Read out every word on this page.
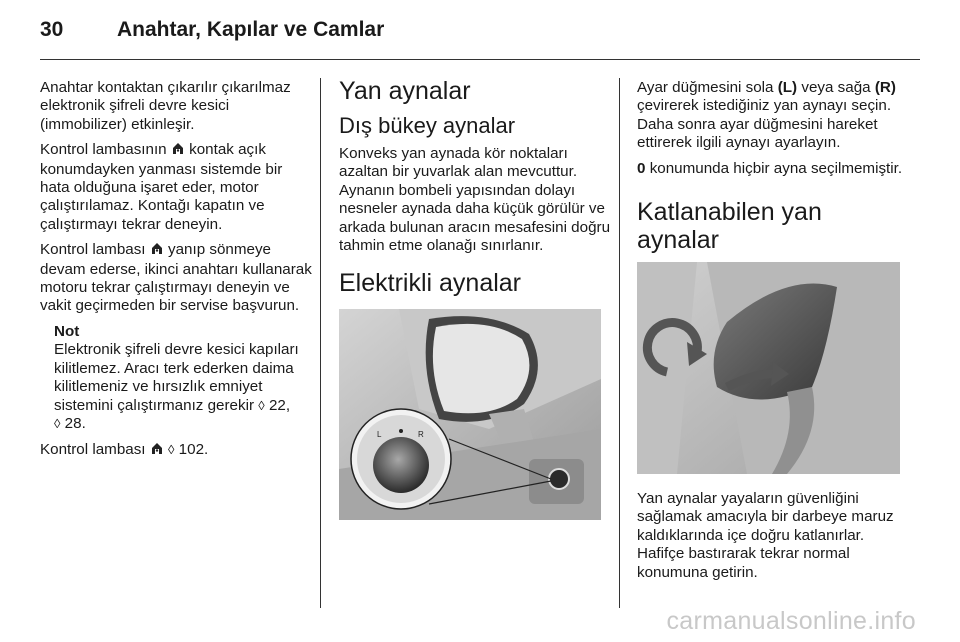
30	Anahtar, Kapılar ve Camlar

Anahtar kontaktan çıkarılır çıkarılmaz elektronik şifreli devre kesici (immobilizer) etkinleşir.

Kontrol lambasının kontak açık konumdayken yanması sistemde bir hata olduğuna işaret eder, motor çalıştırılamaz. Kontağı kapatın ve çalıştırmayı tekrar deneyin.

Kontrol lambası yanıp sönmeye devam ederse, ikinci anahtarı kullanarak motoru tekrar çalıştırmayı deneyin ve vakit geçirmeden bir servise başvurun.

Not
Elektronik şifreli devre kesici kapıları kilitlemez. Aracı terk ederken daima kilitlemeniz ve hırsızlık emniyet sistemini çalıştırmanız gerekir ◊ 22,
◊ 28.

Kontrol lambası ◊ 102.

Yan aynalar
Dış bükey aynalar

Konveks yan aynada kör noktaları azaltan bir yuvarlak alan mevcuttur. Aynanın bombeli yapısından dolayı nesneler aynada daha küçük görülür ve arkada bulunan aracın mesafesini doğru tahmin etme olanağı sınırlanır.

Elektrikli aynalar
L	R

Ayar düğmesini sola (L) veya sağa (R) çevirerek istediğiniz yan aynayı seçin. Daha sonra ayar düğmesini hareket ettirerek ilgili aynayı ayarlayın.

0 konumunda hiçbir ayna seçilmemiştir.

Katlanabilen yan aynalar

Yan aynalar yayaların güvenliğini sağlamak amacıyla bir darbeye maruz kaldıklarında içe doğru katlanırlar. Hafifçe bastırarak tekrar normal konumuna getirin.

carmanualsonline.info
